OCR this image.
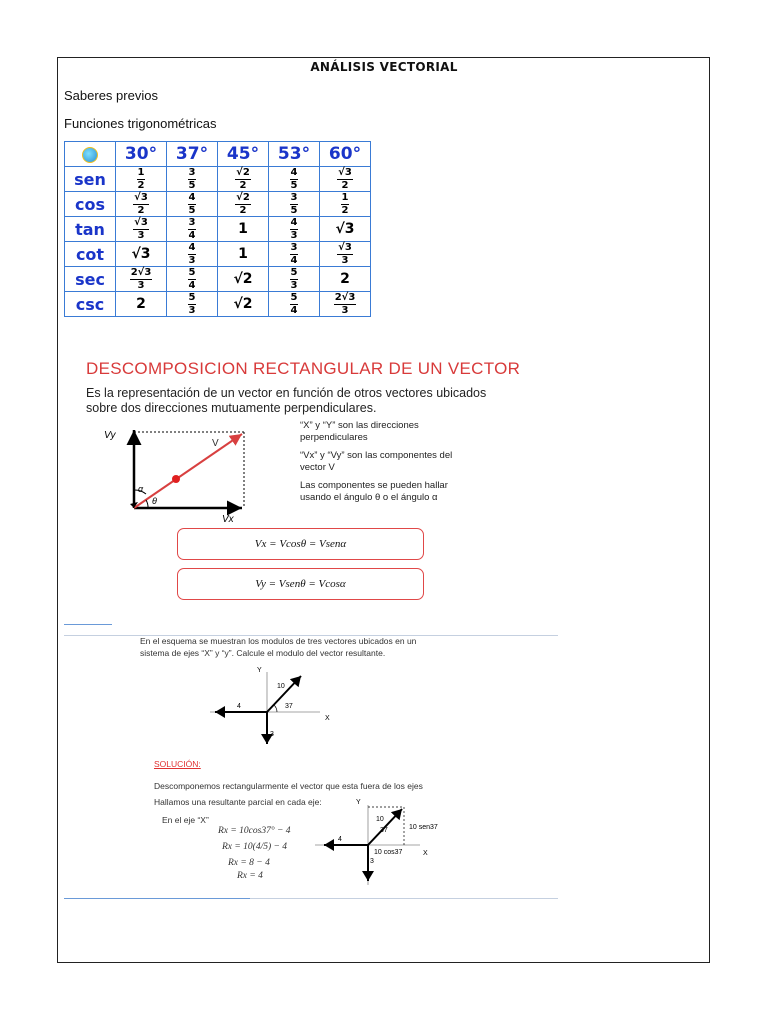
ANÁLISIS VECTORIAL
Saberes previos
Funciones trigonométricas
	30°	37°	45°	53°	60°
sen	$\frac{1}{2}$	$\frac{3}{5}$	$\frac{√2}{2}$	$\frac{4}{5}$	$\frac{√3}{2}$

cos	$\frac{√3}{2}$	$\frac{4}{5}$	$\frac{√2}{2}$	$\frac{3}{5}$	$\frac{1}{2}$

tan	$\frac{√3}{3}$	$\frac{3}{4}$	1	$\frac{4}{3}$	√3
cot	√3	$\frac{4}{3}$	1	$\frac{3}{4}$	$\frac{√3}{3}$

sec	$\frac{2√3}{3}$	$\frac{5}{4}$	√2	$\frac{5}{3}$	2
csc	2	$\frac{5}{3}$	√2	$\frac{5}{4}$	$\frac{2√3}{3}$
DESCOMPOSICION RECTANGULAR DE UN VECTOR
Es la representación de un vector en función de otros vectores ubicados sobre dos direcciones mutuamente perpendiculares.
Vy
Vx
V
α
θ
“X” y “Y” son las direcciones perpendiculares
“Vx” y “Vy” son las componentes del vector V
Las componentes se pueden hallar usando el ángulo θ o el ángulo α
Vx = Vcosθ = Vsenα
Vy = Vsenθ = Vcosα
En el esquema se muestran los modulos de tres vectores ubicados en un sistema de ejes “X” y “y”. Calcule el modulo del vector resultante.
Y
X
10
37
4
3
SOLUCIÓN:
Descomponemos rectangularmente el vector que esta fuera de los ejes
Hallamos una resultante parcial en cada eje:
En el eje “X”
Rx = 10cos37° − 4
Rx = 10(4/5) − 4
Rx = 8 − 4
Rx = 4
Y
X
10
37
4
3
10 sen37
10 cos37
